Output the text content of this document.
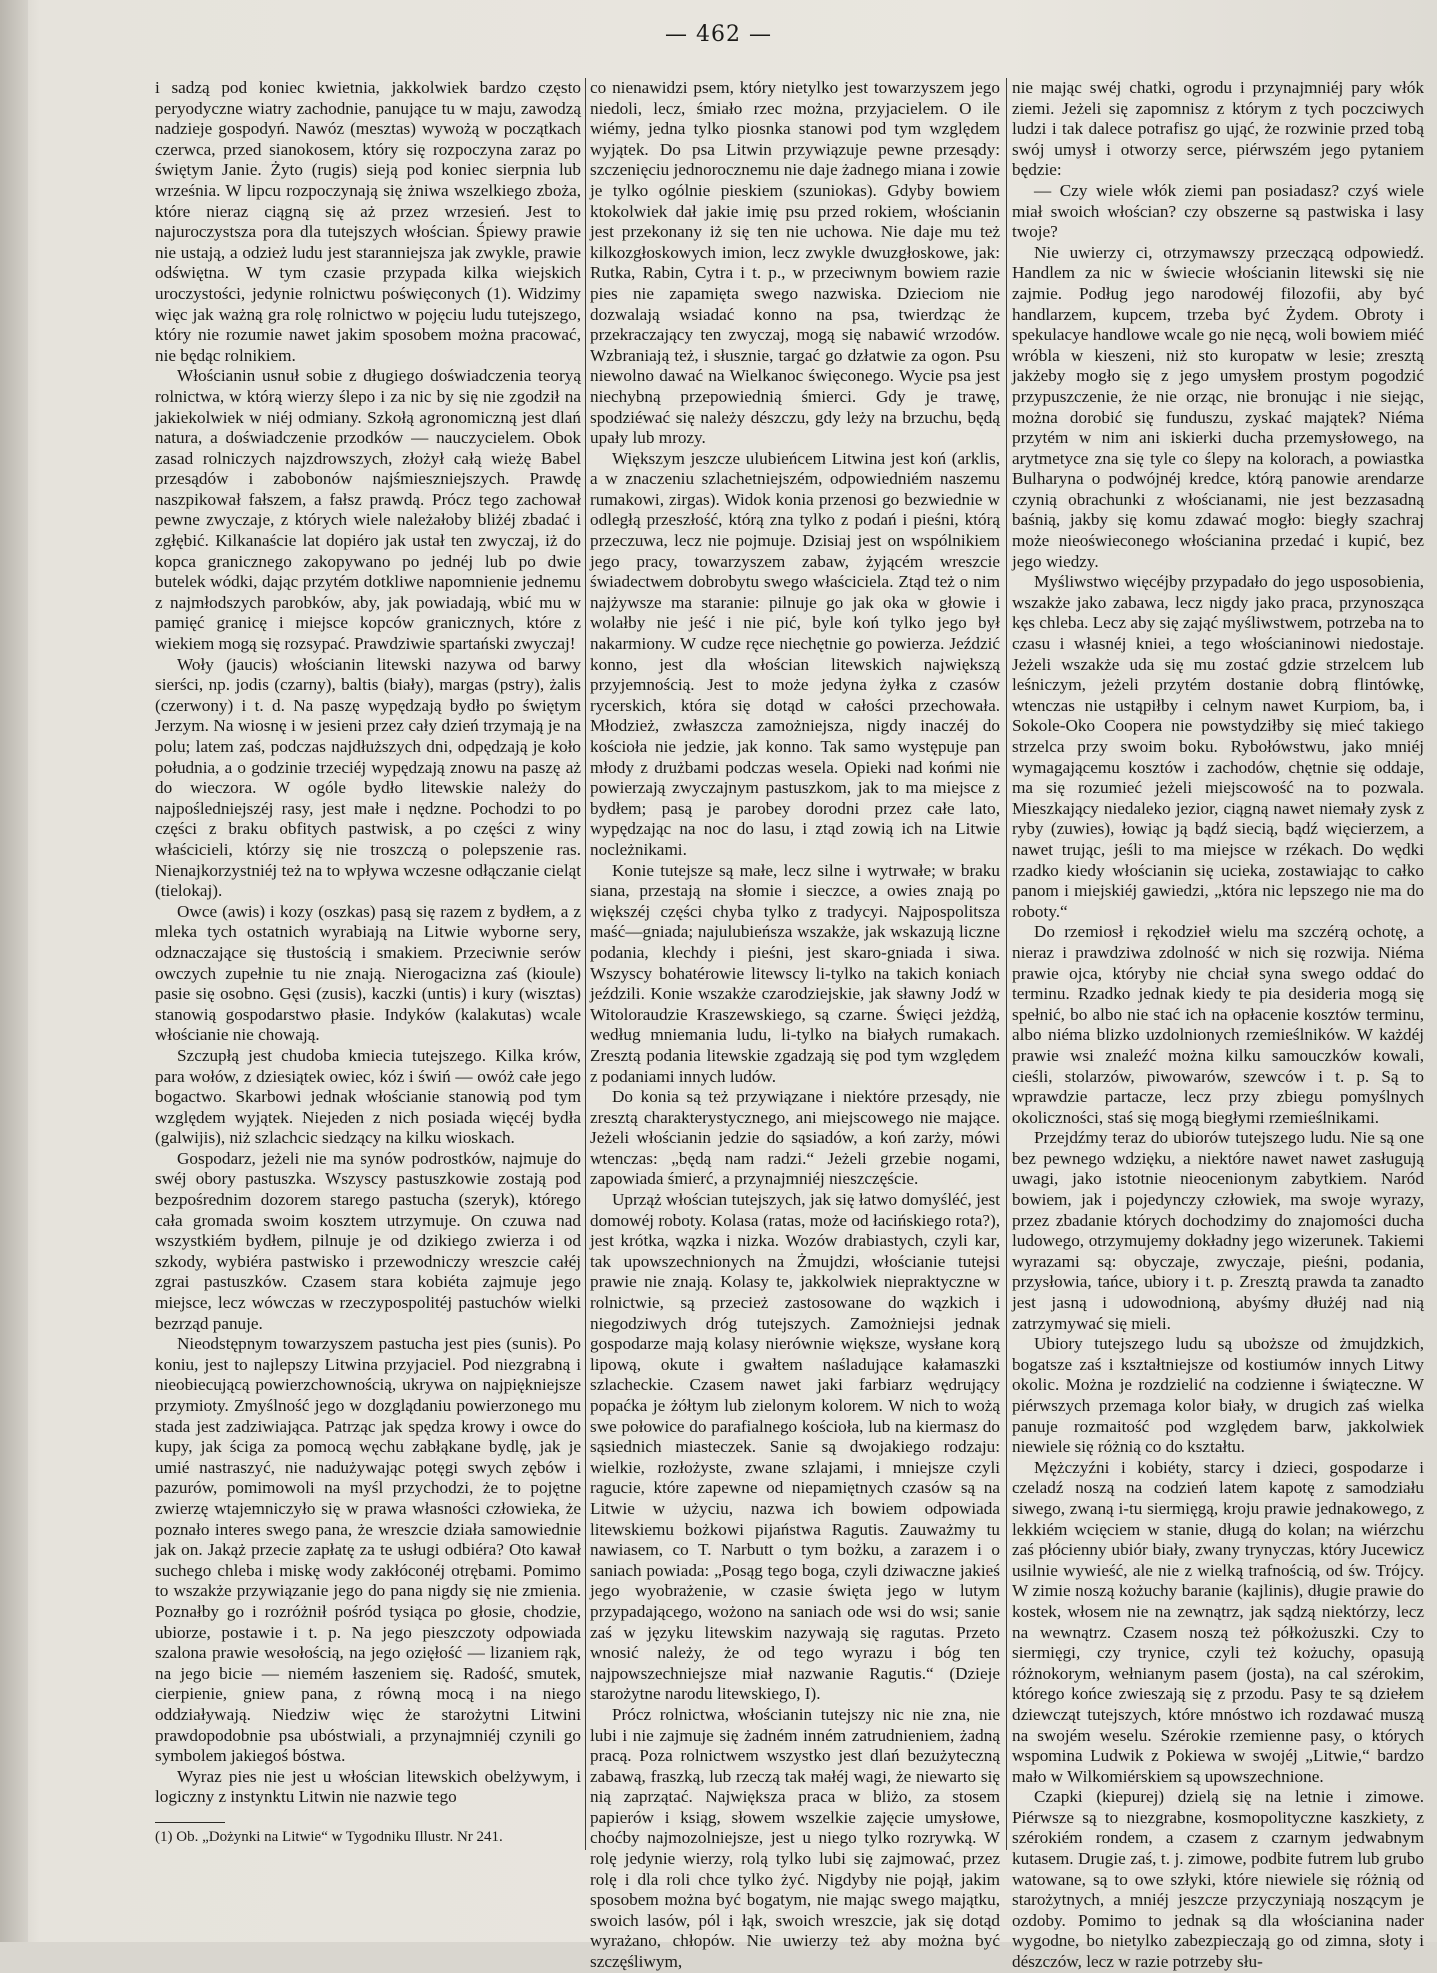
— 462 —

i sadzą pod koniec kwietnia, jakkolwiek bardzo często peryodyczne wiatry zachodnie, panujące tu w maju, zawodzą nadzieje gospodyń. Nawóz (mesztas) wywożą w początkach czerwca, przed sianokosem, który się rozpoczyna zaraz po świętym Janie. Żyto (rugis) sieją pod koniec sierpnia lub września. W lipcu rozpoczynają się żniwa wszelkiego zboża, które nieraz ciągną się aż przez wrzesień. Jest to najuroczystsza pora dla tutejszych włościan. Śpiewy prawie nie ustają, a odzież ludu jest staranniejsza jak zwykle, prawie odświętna. W tym czasie przypada kilka wiejskich uroczystości, jedynie rolnictwu poświęconych (1). Widzimy więc jak ważną gra rolę rolnictwo w pojęciu ludu tutejszego, który nie rozumie nawet jakim sposobem można pracować, nie będąc rolnikiem.

Włościanin usnuł sobie z długiego doświadczenia teoryą rolnictwa, w którą wierzy ślepo i za nic by się nie zgodził na jakiekolwiek w niéj odmiany. Szkołą agronomiczną jest dlań natura, a doświadczenie przodków — nauczycielem. Obok zasad rolniczych najzdrowszych, złożył całą wieżę Babel przesądów i zabobonów najśmieszniejszych. Prawdę naszpikował fałszem, a fałsz prawdą. Prócz tego zachował pewne zwyczaje, z których wiele należałoby bliżéj zbadać i zgłębić. Kilkanaście lat dopiéro jak ustał ten zwyczaj, iż do kopca granicznego zakopywano po jednéj lub po dwie butelek wódki, dając przytém dotkliwe napomnienie jednemu z najmłodszych parobków, aby, jak powiadają, wbić mu w pamięć granicę i miejsce kopców granicznych, które z wiekiem mogą się rozsypać. Prawdziwie spartański zwyczaj!

Woły (jaucis) włościanin litewski nazywa od barwy sierści, np. jodis (czarny), baltis (biały), margas (pstry), żalis (czerwony) i t. d. Na paszę wypędzają bydło po świętym Jerzym. Na wiosnę i w jesieni przez cały dzień trzymają je na polu; latem zaś, podczas najdłuższych dni, odpędzają je koło południa, a o godzinie trzeciéj wypędzają znowu na paszę aż do wieczora. W ogóle bydło litewskie należy do najpośledniejszéj rasy, jest małe i nędzne. Pochodzi to po części z braku obfitych pastwisk, a po części z winy właścicieli, którzy się nie troszczą o polepszenie ras. Nienajkorzystniéj też na to wpływa wczesne odłączanie cieląt (tielokaj).

Owce (awis) i kozy (oszkas) pasą się razem z bydłem, a z mleka tych ostatnich wyrabiają na Litwie wyborne sery, odznaczające się tłustością i smakiem. Przeciwnie serów owczych zupełnie tu nie znają. Nierogacizna zaś (kioule) pasie się osobno. Gęsi (zusis), kaczki (untis) i kury (wisztas) stanowią gospodarstwo płasie. Indyków (kalakutas) wcale włościanie nie chowają.

Szczupłą jest chudoba kmiecia tutejszego. Kilka krów, para wołów, z dziesiątek owiec, kóz i świń — owóż całe jego bogactwo. Skarbowi jednak włościanie stanowią pod tym względem wyjątek. Niejeden z nich posiada więcéj bydła (galwijis), niż szlachcic siedzący na kilku wioskach.

Gospodarz, jeżeli nie ma synów podrostków, najmuje do swéj obory pastuszka. Wszyscy pastuszkowie zostają pod bezpośrednim dozorem starego pastucha (szeryk), którego cała gromada swoim kosztem utrzymuje. On czuwa nad wszystkiém bydłem, pilnuje je od dzikiego zwierza i od szkody, wybiéra pastwisko i przewodniczy wreszcie całéj zgrai pastuszków. Czasem stara kobiéta zajmuje jego miejsce, lecz wówczas w rzeczypospolitéj pastuchów wielki bezrząd panuje.

Nieodstępnym towarzyszem pastucha jest pies (sunis). Po koniu, jest to najlepszy Litwina przyjaciel. Pod niezgrabną i nieobiecującą powierzchownością, ukrywa on najpiękniejsze przymioty. Zmyślność jego w dozglądaniu powierzonego mu stada jest zadziwiająca. Patrząc jak spędza krowy i owce do kupy, jak ściga za pomocą węchu zabłąkane bydlę, jak je umié nastraszyć, nie nadużywając potęgi swych zębów i pazurów, pomimowoli na myśl przychodzi, że to pojętne zwierzę wtajemniczyło się w prawa własności człowieka, że poznało interes swego pana, że wreszcie działa samowiednie jak on. Jakąż przecie zapłatę za te usługi odbiéra? Oto kawał suchego chleba i miskę wody zakłóconéj otrębami. Pomimo to wszakże przywiązanie jego do pana nigdy się nie zmienia. Poznałby go i rozróżnił pośród tysiąca po głosie, chodzie, ubiorze, postawie i t. p. Na jego pieszczoty odpowiada szalona prawie wesołością, na jego ozięłość — lizaniem rąk, na jego bicie — niemém łaszeniem się. Radość, smutek, cierpienie, gniew pana, z równą mocą i na niego oddziaływają. Niedziw więc że starożytni Litwini prawdopodobnie psa ubóstwiali, a przynajmniéj czynili go symbolem jakiegoś bóstwa.

Wyraz pies nie jest u włościan litewskich obelżywym, i logiczny z instynktu Litwin nie nazwie tego

co nienawidzi psem, który nietylko jest towarzyszem jego niedoli, lecz, śmiało rzec można, przyjacielem. O ile wiémy, jedna tylko piosnka stanowi pod tym względem wyjątek. Do psa Litwin przywiązuje pewne przesądy: szczenięciu jednorocznemu nie daje żadnego miana i zowie je tylko ogólnie pieskiem (szuniokas). Gdyby bowiem ktokolwiek dał jakie imię psu przed rokiem, włościanin jest przekonany iż się ten nie uchowa. Nie daje mu też kilkozgłoskowych imion, lecz zwykle dwuzgłoskowe, jak: Rutka, Rabin, Cytra i t. p., w przeciwnym bowiem razie pies nie zapamięta swego nazwiska. Dzieciom nie dozwalają wsiadać konno na psa, twierdząc że przekraczający ten zwyczaj, mogą się nabawić wrzodów. Wzbraniają też, i słusznie, targać go dzłatwie za ogon. Psu niewolno dawać na Wielkanoc święconego. Wycie psa jest niechybną przepowiednią śmierci. Gdy je trawę, spodziéwać się należy dészczu, gdy leży na brzuchu, będą upały lub mrozy.

Większym jeszcze ulubieńcem Litwina jest koń (arklis, a w znaczeniu szlachetniejszém, odpowiedniém naszemu rumakowi, zirgas). Widok konia przenosi go bezwiednie w odległą przeszłość, którą zna tylko z podań i pieśni, którą przeczuwa, lecz nie pojmuje. Dzisiaj jest on wspólnikiem jego pracy, towarzyszem zabaw, żyjącém wreszcie świadectwem dobrobytu swego właściciela. Ztąd też o nim najżywsze ma staranie: pilnuje go jak oka w głowie i wolałby nie jeść i nie pić, byle koń tylko jego był nakarmiony. W cudze ręce niechętnie go powierza. Jeździć konno, jest dla włościan litewskich największą przyjemnością. Jest to może jedyna żyłka z czasów rycerskich, która się dotąd w całości przechowała. Młodzież, zwłaszcza zamożniejsza, nigdy inaczéj do kościoła nie jedzie, jak konno. Tak samo występuje pan młody z drużbami podczas wesela. Opieki nad końmi nie powierzają zwyczajnym pastuszkom, jak to ma miejsce z bydłem; pasą je parobey dorodni przez całe lato, wypędzając na noc do lasu, i ztąd zowią ich na Litwie nocleżnikami.

Konie tutejsze są małe, lecz silne i wytrwałe; w braku siana, przestają na słomie i sieczce, a owies znają po większéj części chyba tylko z tradycyi. Najpospolitsza maść—gniada; najulubieńsza wszakże, jak wskazują liczne podania, klechdy i pieśni, jest skaro-gniada i siwa. Wszyscy bohatérowie litewscy li-tylko na takich koniach jeździli. Konie wszakże czarodziejskie, jak sławny Jodź w Witoloraudzie Kraszewskiego, są czarne. Święci jeżdżą, według mniemania ludu, li-tylko na białych rumakach. Zresztą podania litewskie zgadzają się pod tym względem z podaniami innych ludów.

Do konia są też przywiązane i niektóre przesądy, nie zresztą charakterystycznego, ani miejscowego nie mające. Jeżeli włościanin jedzie do sąsiadów, a koń zarży, mówi wtenczas: „będą nam radzi.“ Jeżeli grzebie nogami, zapowiada śmierć, a przynajmniéj nieszczęście.

Uprząż włościan tutejszych, jak się łatwo domyśléć, jest domowéj roboty. Kolasa (ratas, może od łacińskiego rota?), jest krótka, wązka i nizka. Wozów drabiastych, czyli kar, tak upowszechnionych na Żmujdzi, włościanie tutejsi prawie nie znają. Kolasy te, jakkolwiek niepraktyczne w rolnictwie, są przecież zastosowane do wązkich i niegodziwych dróg tutejszych. Zamożniejsi jednak gospodarze mają kolasy nierównie większe, wysłane korą lipową, okute i gwałtem naśladujące kałamaszki szlacheckie. Czasem nawet jaki farbiarz wędrujący popaćka je żółtym lub zielonym kolorem. W nich to wożą swe połowice do parafialnego kościoła, lub na kiermasz do sąsiednich miasteczek. Sanie są dwojakiego rodzaju: wielkie, rozłożyste, zwane szlajami, i mniejsze czyli ragucie, które zapewne od niepamiętnych czasów są na Litwie w użyciu, nazwa ich bowiem odpowiada litewskiemu bożkowi pijaństwa Ragutis. Zauważmy tu nawiasem, co T. Narbutt o tym bożku, a zarazem i o saniach powiada: „Posąg tego boga, czyli dziwaczne jakieś jego wyobrażenie, w czasie święta jego w lutym przypadającego, wożono na saniach ode wsi do wsi; sanie zaś w języku litewskim nazywają się ragutas. Przeto wnosić należy, że od tego wyrazu i bóg ten najpowszechniejsze miał nazwanie Ragutis.“ (Dzieje starożytne narodu litewskiego, I).

Prócz rolnictwa, włościanin tutejszy nic nie zna, nie lubi i nie zajmuje się żadném inném zatrudnieniem, żadną pracą. Poza rolnictwem wszystko jest dlań bezużyteczną zabawą, fraszką, lub rzeczą tak małéj wagi, że niewarto się nią zaprzątać. Największa praca w bliżo, za stosem papierów i ksiąg, słowem wszelkie zajęcie umysłowe, choćby najmozolniejsze, jest u niego tylko rozrywką. W rolę jedynie wierzy, rolą tylko lubi się zajmować, przez rolę i dla roli chce tylko żyć. Nigdyby nie pojął, jakim sposobem można być bogatym, nie mając swego majątku, swoich lasów, pól i łąk, swoich wreszcie, jak się dotąd wyrażano, chłopów. Nie uwierzy też aby można być szczęśliwym,

nie mając swéj chatki, ogrodu i przynajmniéj pary włók ziemi. Jeżeli się zapomnisz z którym z tych poczciwych ludzi i tak dalece potrafisz go ująć, że rozwinie przed tobą swój umysł i otworzy serce, piérwszém jego pytaniem będzie:

— Czy wiele włók ziemi pan posiadasz? czyś wiele miał swoich włościan? czy obszerne są pastwiska i lasy twoje?

Nie uwierzy ci, otrzymawszy przeczącą odpowiedź. Handlem za nic w świecie włościanin litewski się nie zajmie. Podług jego narodowéj filozofii, aby być handlarzem, kupcem, trzeba być Żydem. Obroty i spekulacye handlowe wcale go nie nęcą, woli bowiem miéć wróbla w kieszeni, niż sto kuropatw w lesie; zresztą jakżeby mogło się z jego umysłem prostym pogodzić przypuszczenie, że nie orząc, nie bronując i nie siejąc, można dorobić się funduszu, zyskać majątek? Niéma przytém w nim ani iskierki ducha przemysłowego, na arytmetyce zna się tyle co ślepy na kolorach, a powiastka Bulharyna o podwójnéj kredce, którą panowie arendarze czynią obrachunki z włościanami, nie jest bezzasadną baśnią, jakby się komu zdawać mogło: biegły szachraj może nieoświeconego włościanina przedać i kupić, bez jego wiedzy.

Myśliwstwo więcéjby przypadało do jego usposobienia, wszakże jako zabawa, lecz nigdy jako praca, przynosząca kęs chleba. Lecz aby się zająć myśliwstwem, potrzeba na to czasu i własnéj kniei, a tego włościaninowi niedostaje. Jeżeli wszakże uda się mu zostać gdzie strzelcem lub leśniczym, jeżeli przytém dostanie dobrą flintówkę, wtenczas nie ustąpiłby i celnym nawet Kurpiom, ba, i Sokole-Oko Coopera nie powstydziłby się mieć takiego strzelca przy swoim boku. Rybołówstwu, jako mniéj wymagającemu kosztów i zachodów, chętnie się oddaje, ma się rozumieć jeżeli miejscowość na to pozwala. Mieszkający niedaleko jezior, ciągną nawet niemały zysk z ryby (zuwies), łowiąc ją bądź siecią, bądź więcierzem, a nawet trując, jeśli to ma miejsce w rzékach. Do wędki rzadko kiedy włościanin się ucieka, zostawiając to całko panom i miejskiéj gawiedzi, „która nic lepszego nie ma do roboty.“

Do rzemiosł i rękodzieł wielu ma szczérą ochotę, a nieraz i prawdziwa zdolność w nich się rozwija. Niéma prawie ojca, któryby nie chciał syna swego oddać do terminu. Rzadko jednak kiedy te pia desideria mogą się spełnić, bo albo nie stać ich na opłacenie kosztów terminu, albo niéma blizko uzdolnionych rzemieślników. W każdéj prawie wsi znaleźć można kilku samouczków kowali, cieśli, stolarzów, piwowarów, szewców i t. p. Są to wprawdzie partacze, lecz przy zbiegu pomyślnych okoliczności, staś się mogą biegłymi rzemieślnikami.

Przejdźmy teraz do ubiorów tutejszego ludu. Nie są one bez pewnego wdzięku, a niektóre nawet nawet zasługują uwagi, jako istotnie nieocenionym zabytkiem. Naród bowiem, jak i pojedynczy człowiek, ma swoje wyrazy, przez zbadanie których dochodzimy do znajomości ducha ludowego, otrzymujemy dokładny jego wizerunek. Takiemi wyrazami są: obyczaje, zwyczaje, pieśni, podania, przysłowia, tańce, ubiory i t. p. Zresztą prawda ta zanadto jest jasną i udowodnioną, abyśmy dłużéj nad nią zatrzymywać się mieli.

Ubiory tutejszego ludu są uboższe od żmujdzkich, bogatsze zaś i kształtniejsze od kostiumów innych Litwy okolic. Można je rozdzielić na codzienne i świąteczne. W piérwszych przemaga kolor biały, w drugich zaś wielka panuje rozmaitość pod względem barw, jakkolwiek niewiele się różnią co do kształtu.

Mężczyźni i kobiéty, starcy i dzieci, gospodarze i czeladź noszą na codzień latem kapotę z samodziału siwego, zwaną i-tu siermięgą, kroju prawie jednakowego, z lekkiém wcięciem w stanie, długą do kolan; na wiérzchu zaś płócienny ubiór biały, zwany trynyczas, który Jucewicz usilnie wywieść, ale nie z wielką trafnością, od św. Trójcy. W zimie noszą kożuchy baranie (kajlinis), długie prawie do kostek, włosem nie na zewnątrz, jak sądzą niektórzy, lecz na wewnątrz. Czasem noszą też półkożuszki. Czy to siermięgi, czy trynice, czyli też kożuchy, opasują różnokorym, wełnianym pasem (josta), na cal szérokim, którego końce zwieszają się z przodu. Pasy te są dziełem dziewcząt tutejszych, które mnóstwo ich rozdawać muszą na swojém weselu. Szérokie rzemienne pasy, o których wspomina Ludwik z Pokiewa w swojéj „Litwie,“ bardzo mało w Wilkomiérskiem są upowszechnione.

Czapki (kiepurej) dzielą się na letnie i zimowe. Piérwsze są to niezgrabne, kosmopolityczne kaszkiety, z szérokiém rondem, a czasem z czarnym jedwabnym kutasem. Drugie zaś, t. j. zimowe, podbite futrem lub grubo watowane, są to owe szłyki, które niewiele się różnią od starożytnych, a mniéj jeszcze przyczyniają noszącym je ozdoby. Pomimo to jednak są dla włościanina nader wygodne, bo nietylko zabezpieczają go od zimna, słoty i dészczów, lecz w razie potrzeby słu-

(1) Ob. „Dożynki na Litwie“ w Tygodniku Illustr. Nr 241.
